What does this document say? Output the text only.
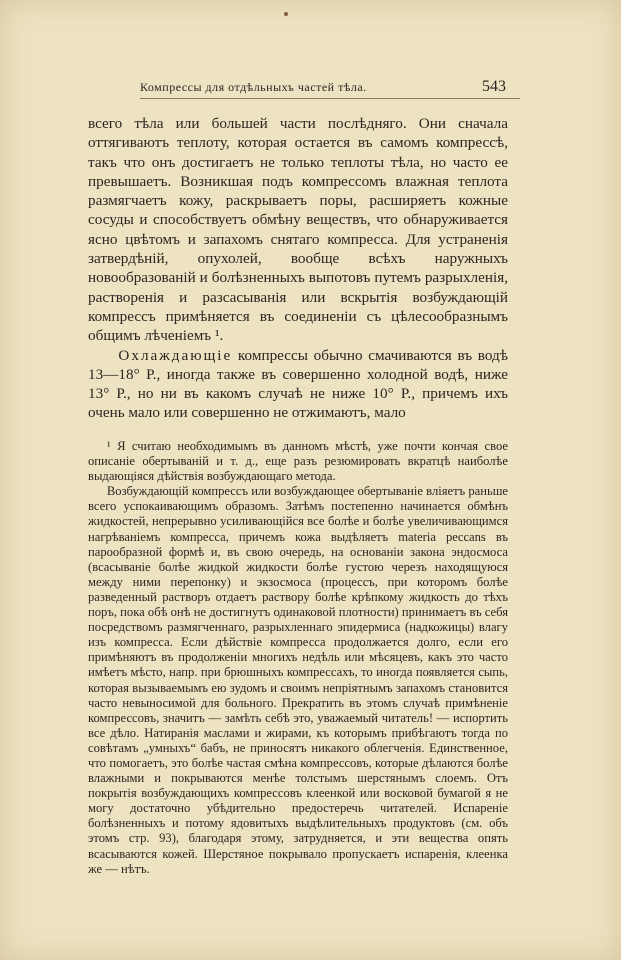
Компрессы для отдѣльныхъ частей тѣла.	543

всего тѣла или большей части послѣдняго. Они сначала оттягиваютъ теплоту, которая остается въ самомъ компрессѣ, такъ что онъ достигаетъ не только теплоты тѣла, но часто ее превышаетъ. Возникшая подъ компрессомъ влажная теплота размягчаетъ кожу, раскрываетъ поры, расширяетъ кожные сосуды и способствуетъ обмѣну веществъ, что обнаруживается ясно цвѣтомъ и запахомъ снятаго компресса. Для устраненія затвердѣній, опухолей, вообще всѣхъ наружныхъ новообразованій и болѣзненныхъ выпотовъ путемъ разрыхленія, растворенія и разсасыванія или вскрытія возбуждающій компрессъ примѣняется въ соединеніи съ цѣлесообразнымъ общимъ лѣченіемъ ¹.

Охлаждающіе компрессы обычно смачиваются въ водѣ 13—18° Р., иногда также въ совершенно холодной водѣ, ниже 13° Р., но ни въ какомъ случаѣ не ниже 10° Р., причемъ ихъ очень мало или совершенно не отжимаютъ, мало

¹ Я считаю необходимымъ въ данномъ мѣстѣ, уже почти кончая свое описаніе обертываній и т. д., еще разъ резюмировать вкратцѣ наиболѣе выдающіяся дѣйствія возбуждающаго метода.

Возбуждающій компрессъ или возбуждающее обертываніе вліяетъ раньше всего успокаивающимъ образомъ. Затѣмъ постепенно начинается обмѣнъ жидкостей, непрерывно усиливающійся все болѣе и болѣе увеличивающимся нагрѣваніемъ компресса, причемъ кожа выдѣляетъ materia peccans въ парообразной формѣ и, въ свою очередь, на основаніи закона эндосмоса (всасываніе болѣе жидкой жидкости болѣе густою черезъ находящуюся между ними перепонку) и экзосмоса (процессъ, при которомъ болѣе разведенный растворъ отдаетъ раствору болѣе крѣпкому жидкость до тѣхъ поръ, пока обѣ онѣ не достигнутъ одинаковой плотности) принимаетъ въ себя посредствомъ размягченнаго, разрыхленнаго эпидермиса (надкожицы) влагу изъ компресса. Если дѣйствіе компресса продолжается долго, если его примѣняютъ въ продолженіи многихъ недѣль или мѣсяцевъ, какъ это часто имѣетъ мѣсто, напр. при брюшныхъ компрессахъ, то иногда появляется сыпь, которая вызываемымъ ею зудомъ и своимъ непріятнымъ запахомъ становится часто невыносимой для больного. Прекратить въ этомъ случаѣ примѣненіе компрессовъ, значитъ — замѣть себѣ это, уважаемый читатель! — испортить все дѣло. Натиранія маслами и жирами, къ которымъ прибѣгаютъ тогда по совѣтамъ „умныхъ“ бабъ, не приносятъ никакого облегченія. Единственное, что помогаетъ, это болѣе частая смѣна компрессовъ, которые дѣлаются болѣе влажными и покрываются менѣе толстымъ шерстянымъ слоемъ. Отъ покрытія возбуждающихъ компрессовъ клеенкой или восковой бумагой я не могу достаточно убѣдительно предостеречь читателей. Испареніе болѣзненныхъ и потому ядовитыхъ выдѣлительныхъ продуктовъ (см. объ этомъ стр. 93), благодаря этому, затрудняется, и эти вещества опять всасываются кожей. Шерстяное покрывало пропускаетъ испаренія, клеенка же — нѣтъ.
